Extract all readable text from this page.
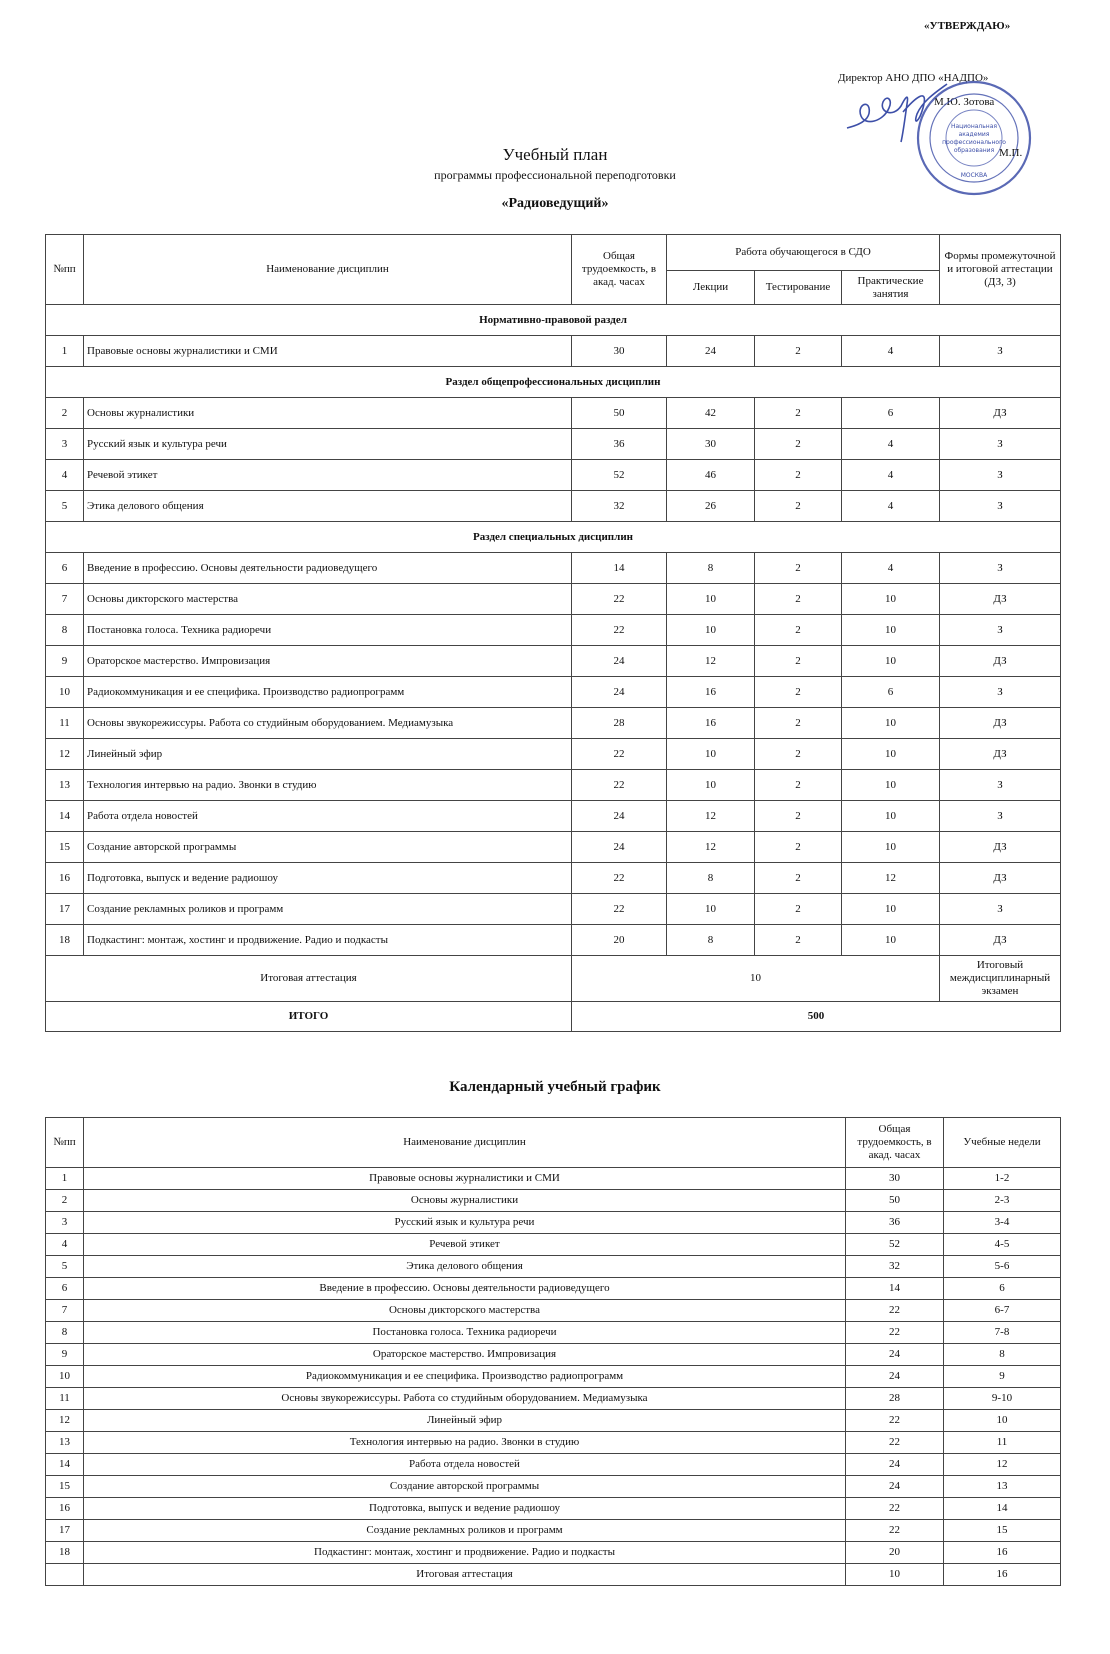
«УТВЕРЖДАЮ»
Директор АНО ДПО «НАДПО»
М.Ю. Зотова
Национальная
академия
профессионального
образования
МОСКВА
М.П.
Учебный план
программы профессиональной переподготовки
«Радиоведущий»
№пп	Наименование дисциплин	Общая трудоемкость, в акад. часах	Работа обучающегося в СДО			Формы промежуточной и итоговой аттестации (ДЗ, З)
			Лекции	Тестирование	Практические занятия	
Нормативно-правовой раздел						
1	Правовые основы журналистики и СМИ	30	24	2	4	З
Раздел общепрофессиональных дисциплин						
2	Основы журналистики	50	42	2	6	ДЗ
3	Русский язык и культура речи	36	30	2	4	З
4	Речевой этикет	52	46	2	4	З
5	Этика делового общения	32	26	2	4	З
Раздел специальных дисциплин						
6	Введение в профессию. Основы деятельности радиоведущего	14	8	2	4	З
7	Основы дикторского мастерства	22	10	2	10	ДЗ
8	Постановка голоса. Техника радиоречи	22	10	2	10	З
9	Ораторское мастерство. Импровизация	24	12	2	10	ДЗ
10	Радиокоммуникация и ее специфика. Производство радиопрограмм	24	16	2	6	З
11	Основы звукорежиссуры. Работа со студийным оборудованием. Медиамузыка	28	16	2	10	ДЗ
12	Линейный эфир	22	10	2	10	ДЗ
13	Технология интервью на радио. Звонки в студию	22	10	2	10	З
14	Работа отдела новостей	24	12	2	10	З
15	Создание авторской программы	24	12	2	10	ДЗ
16	Подготовка, выпуск и ведение радиошоу	22	8	2	12	ДЗ
17	Создание рекламных роликов и программ	22	10	2	10	З
18	Подкастинг: монтаж, хостинг и продвижение. Радио и подкасты	20	8	2	10	ДЗ
Итоговая аттестация		10				Итоговый междисциплинарный экзамен
ИТОГО		500				
Календарный учебный график
№пп	Наименование дисциплин	Общая трудоемкость, в акад. часах	Учебные недели
1	Правовые основы журналистики и СМИ	30	1-2
2	Основы журналистики	50	2-3
3	Русский язык и культура речи	36	3-4
4	Речевой этикет	52	4-5
5	Этика делового общения	32	5-6
6	Введение в профессию. Основы деятельности радиоведущего	14	6
7	Основы дикторского мастерства	22	6-7
8	Постановка голоса. Техника радиоречи	22	7-8
9	Ораторское мастерство. Импровизация	24	8
10	Радиокоммуникация и ее специфика. Производство радиопрограмм	24	9
11	Основы звукорежиссуры. Работа со студийным оборудованием. Медиамузыка	28	9-10
12	Линейный эфир	22	10
13	Технология интервью на радио. Звонки в студию	22	11
14	Работа отдела новостей	24	12
15	Создание авторской программы	24	13
16	Подготовка, выпуск и ведение радиошоу	22	14
17	Создание рекламных роликов и программ	22	15
18	Подкастинг: монтаж, хостинг и продвижение. Радио и подкасты	20	16
	Итоговая аттестация	10	16
